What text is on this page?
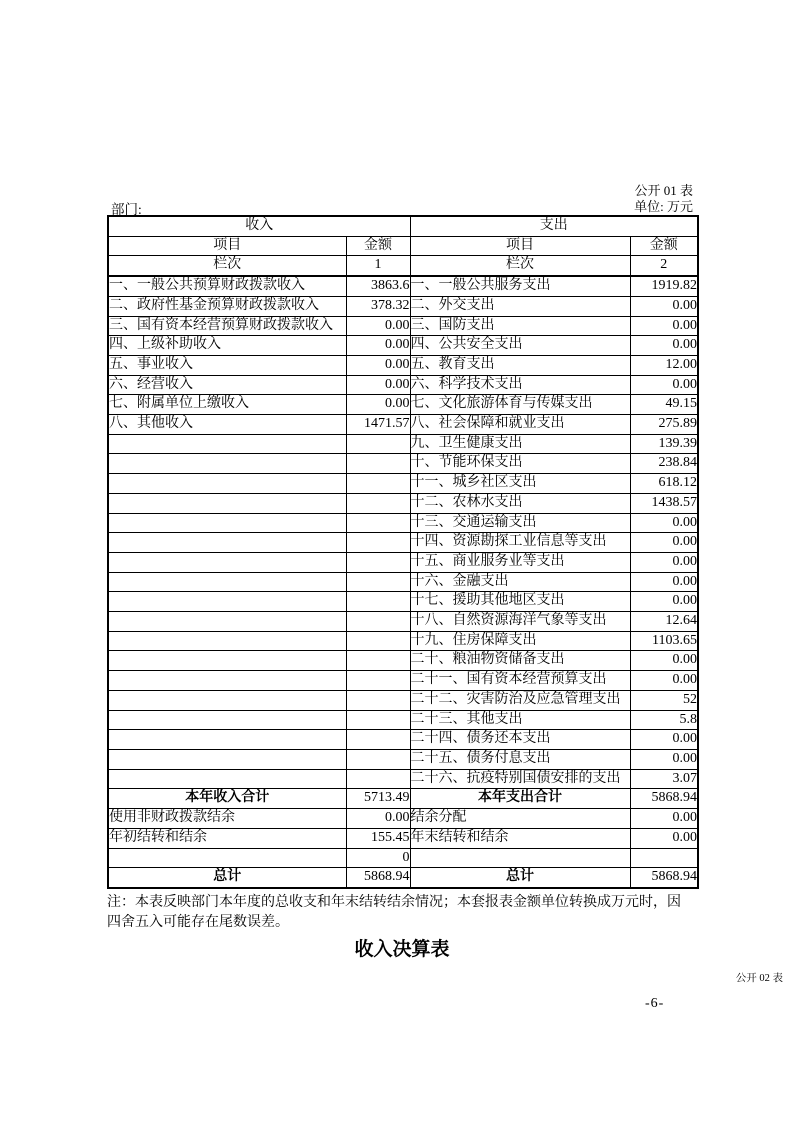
公开 01 表
部门:	单位: 万元
收入		支出	
项目	金额	项目	金额
栏次	1	栏次	2
一、一般公共预算财政拨款收入	3863.6	一、一般公共服务支出	1919.82
二、政府性基金预算财政拨款收入	378.32	二、外交支出	0.00
三、国有资本经营预算财政拨款收入	0.00	三、国防支出	0.00
四、上级补助收入	0.00	四、公共安全支出	0.00
五、事业收入	0.00	五、教育支出	12.00
六、经营收入	0.00	六、科学技术支出	0.00
七、附属单位上缴收入	0.00	七、文化旅游体育与传媒支出	49.15
八、其他收入	1471.57	八、社会保障和就业支出	275.89
		九、卫生健康支出	139.39
		十、节能环保支出	238.84
		十一、城乡社区支出	618.12
		十二、农林水支出	1438.57
		十三、交通运输支出	0.00
		十四、资源勘探工业信息等支出	0.00
		十五、商业服务业等支出	0.00
		十六、金融支出	0.00
		十七、援助其他地区支出	0.00
		十八、自然资源海洋气象等支出	12.64
		十九、住房保障支出	1103.65
		二十、粮油物资储备支出	0.00
		二十一、国有资本经营预算支出	0.00
		二十二、灾害防治及应急管理支出	52
		二十三、其他支出	5.8
		二十四、债务还本支出	0.00
		二十五、债务付息支出	0.00
		二十六、抗疫特别国债安排的支出	3.07
本年收入合计	5713.49	本年支出合计	5868.94
使用非财政拨款结余	0.00	结余分配	0.00
年初结转和结余	155.45	年末结转和结余	0.00
	0		
总计	5868.94	总计	5868.94
注：本表反映部门本年度的总收支和年末结转结余情况；本套报表金额单位转换成万元时，因
四舍五入可能存在尾数误差。
收入决算表
公开 02 表
-6-
